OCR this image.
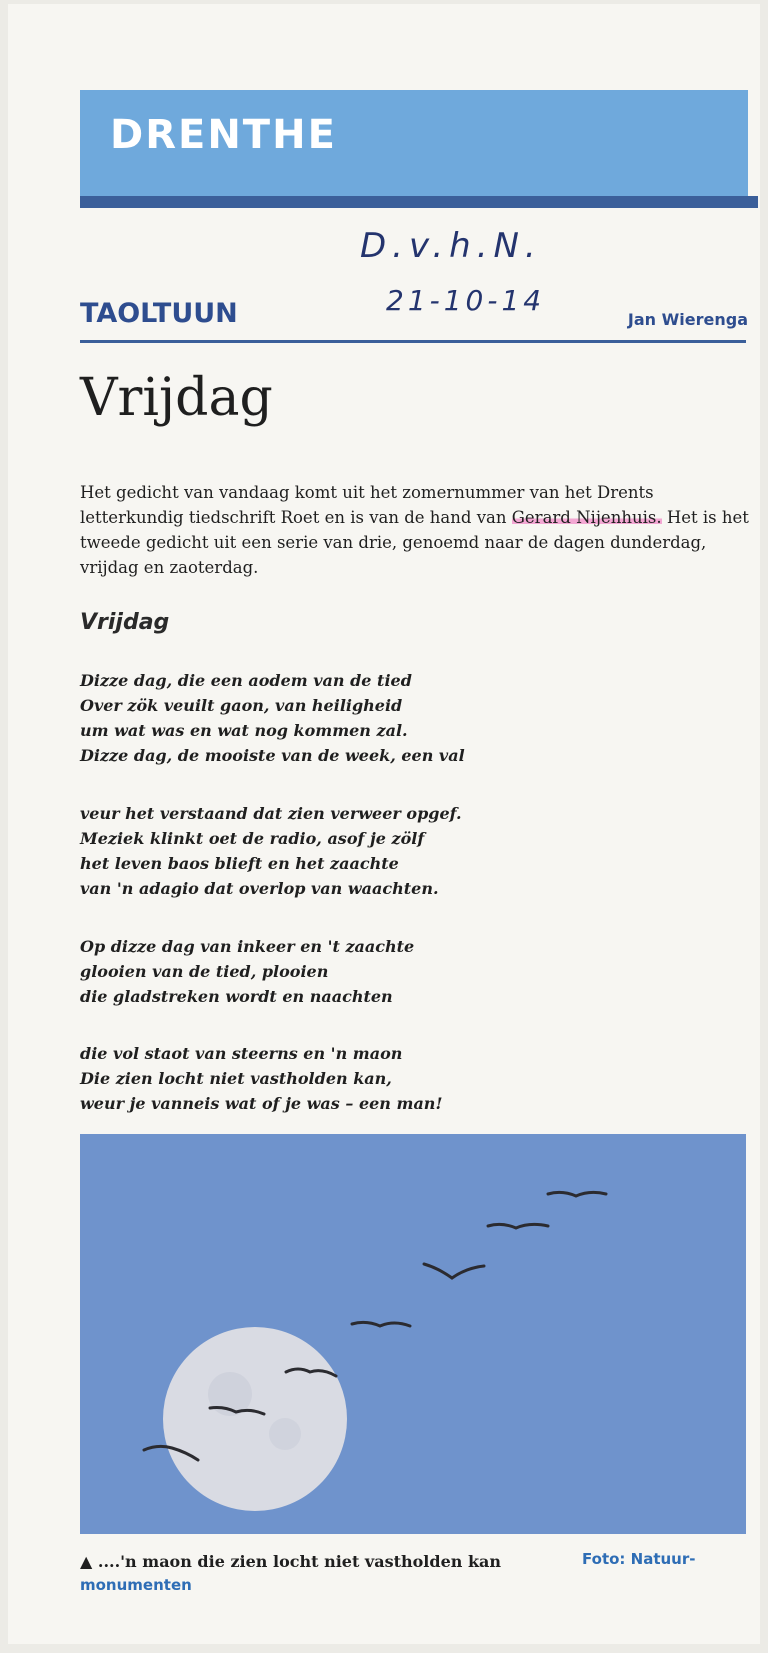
DRENTHE
D.v.h.N.
21-10-14
TAOLTUUN	Jan Wierenga
Vrijdag

Het gedicht van vandaag komt uit het zomernummer van het Drents letterkundig tiedschrift Roet en is van de hand van Gerard Nijenhuis. Het is het tweede gedicht uit een serie van drie, genoemd naar de dagen dunderdag, vrijdag en zaoterdag.

Vrijdag
Dizze dag, die een aodem van de tied
Over zök veuilt gaon, van heiligheid
um wat was en wat nog kommen zal.
Dizze dag, de mooiste van de week, een val
veur het verstaand dat zien verweer opgef.
Meziek klinkt oet de radio, asof je zölf
het leven baos blieft en het zaachte
van 'n adagio dat overlop van waachten.
Op dizze dag van inkeer en 't zaachte
glooien van de tied, plooien
die gladstreken wordt en naachten
die vol staot van steerns en 'n maon
Die zien locht niet vastholden kan,
weur je vanneis wat of je was – een man!
▲ ....'n maon die zien locht niet vastholden kan	Foto: Natuur-
monumenten
